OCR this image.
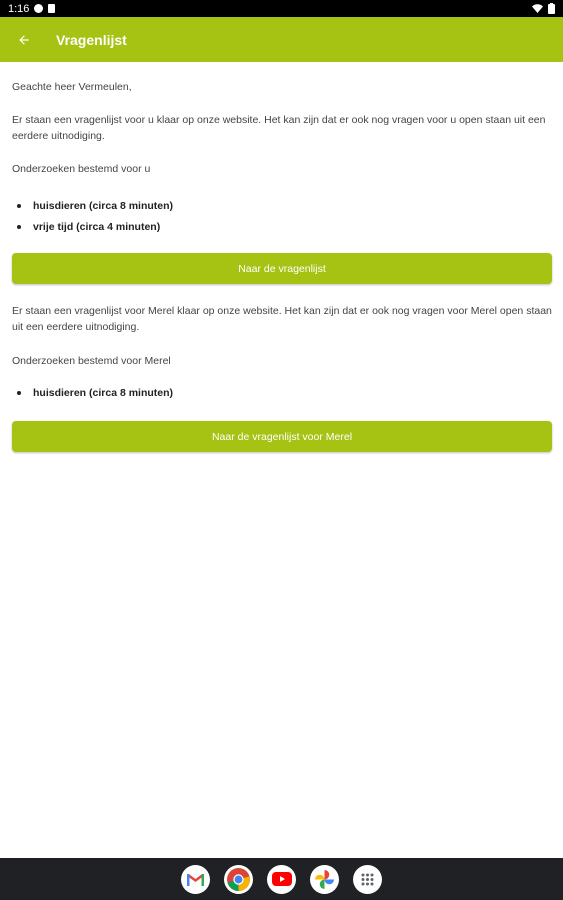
1:16
Vragenlijst

Geachte heer Vermeulen,

Er staan een vragenlijst voor u klaar op onze website. Het kan zijn dat er ook nog vragen voor u open staan uit een eerdere uitnodiging.

Onderzoeken bestemd voor u

huisdieren (circa 8 minuten)
vrije tijd (circa 4 minuten)
Naar de vragenlijst

Er staan een vragenlijst voor Merel klaar op onze website. Het kan zijn dat er ook nog vragen voor Merel open staan uit een eerdere uitnodiging.

Onderzoeken bestemd voor Merel

huisdieren (circa 8 minuten)
Naar de vragenlijst voor Merel
